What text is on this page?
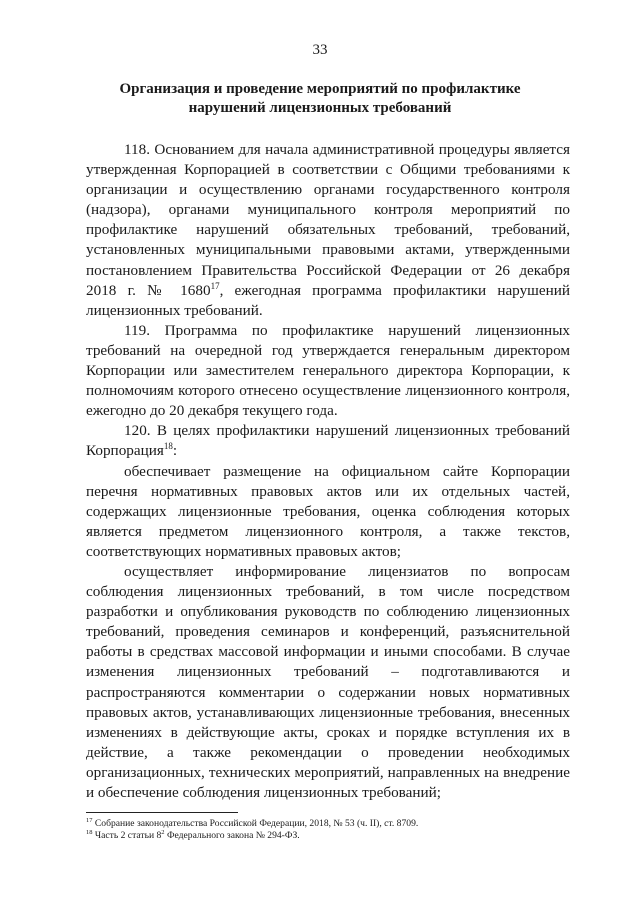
33
Организация и проведение мероприятий по профилактике нарушений лицензионных требований

118. Основанием для начала административной процедуры является утвержденная Корпорацией в соответствии с Общими требованиями к организации и осуществлению органами государственного контроля (надзора), органами муниципального контроля мероприятий по профилактике нарушений обязательных требований, требований, установленных муниципальными правовыми актами, утвержденными постановлением Правительства Российской Федерации от 26 декабря 2018 г. № 1680$^{17}$, ежегодная программа профилактики нарушений лицензионных требований.

119. Программа по профилактике нарушений лицензионных требований на очередной год утверждается генеральным директором Корпорации или заместителем генерального директора Корпорации, к полномочиям которого отнесено осуществление лицензионного контроля, ежегодно до 20 декабря текущего года.

120. В целях профилактики нарушений лицензионных требований Корпорация$^{18}$:

обеспечивает размещение на официальном сайте Корпорации перечня нормативных правовых актов или их отдельных частей, содержащих лицензионные требования, оценка соблюдения которых является предметом лицензионного контроля, а также текстов, соответствующих нормативных правовых актов;

осуществляет информирование лицензиатов по вопросам соблюдения лицензионных требований, в том числе посредством разработки и опубликования руководств по соблюдению лицензионных требований, проведения семинаров и конференций, разъяснительной работы в средствах массовой информации и иными способами. В случае изменения лицензионных требований – подготавливаются и распространяются комментарии о содержании новых нормативных правовых актов, устанавливающих лицензионные требования, внесенных изменениях в действующие акты, сроках и порядке вступления их в действие, а также рекомендации о проведении необходимых организационных, технических мероприятий, направленных на внедрение и обеспечение соблюдения лицензионных требований;

$^{17}$ Собрание законодательства Российской Федерации, 2018, № 53 (ч. II), ст. 8709.
$^{18}$ Часть 2 статьи $8^2$ Федерального закона № 294-ФЗ.
